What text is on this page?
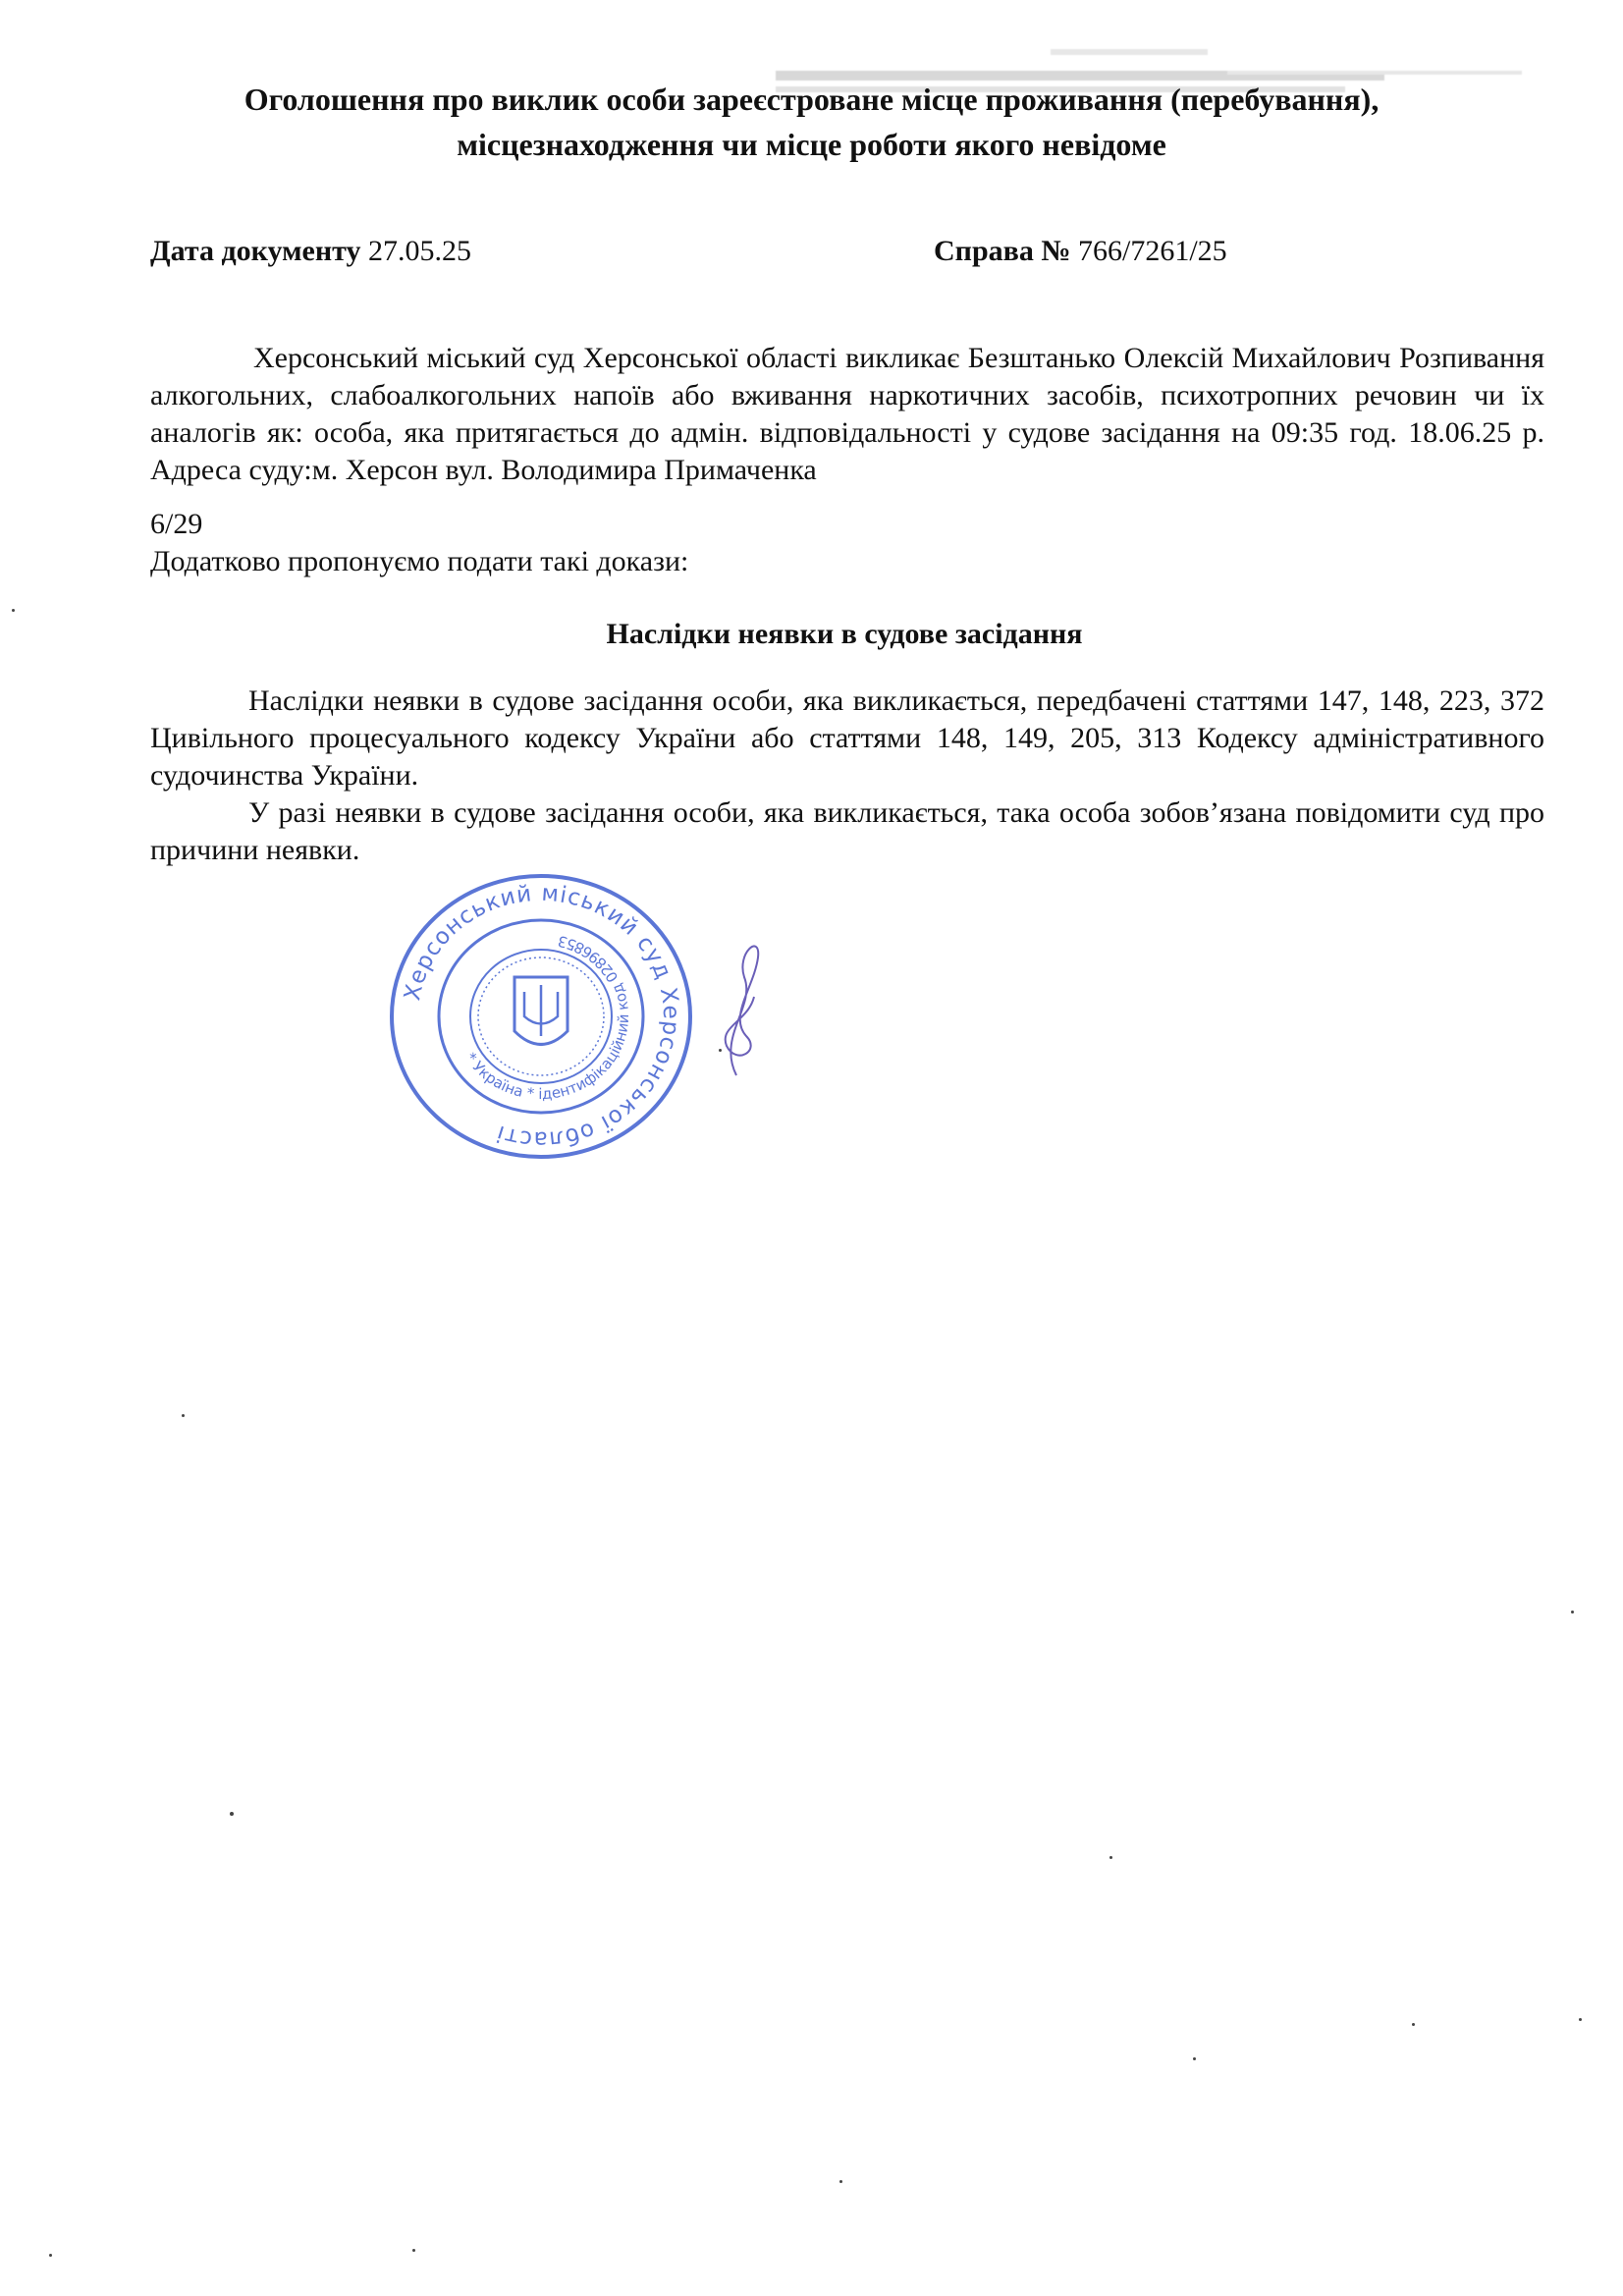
Оголошення про виклик особи зареєстроване місце проживання (перебування),
місцезнаходження чи місце роботи якого невідоме
Дата документу 27.05.25	Справа № 766/7261/25
Херсонський міський суд Херсонської області викликає Безштанько Олексій Михайлович Розпивання алкогольних, слабоалкогольних напоїв або вживання наркотичних засобів, психотропних речовин чи їх аналогів як: особа, яка притягається до адмін. відповідальності у судове засідання на 09:35 год. 18.06.25 р. Адреса суду:м. Херсон вул. Володимира Примаченка
6/29
Додатково пропонуємо подати такі докази:
Наслідки неявки в судове засідання
Наслідки неявки в судове засідання особи, яка викликається, передбачені статтями 147, 148, 223, 372 Цивільного процесуального кодексу України або статтями 148, 149, 205, 313 Кодексу адміністративного судочинства України.
У разі неявки в судове засідання особи, яка викликається, така особа зобов’язана повідомити суд про причини неявки.
Херсонський міський суд Херсонської області
* Україна * ідентифікаційний код 02896853
